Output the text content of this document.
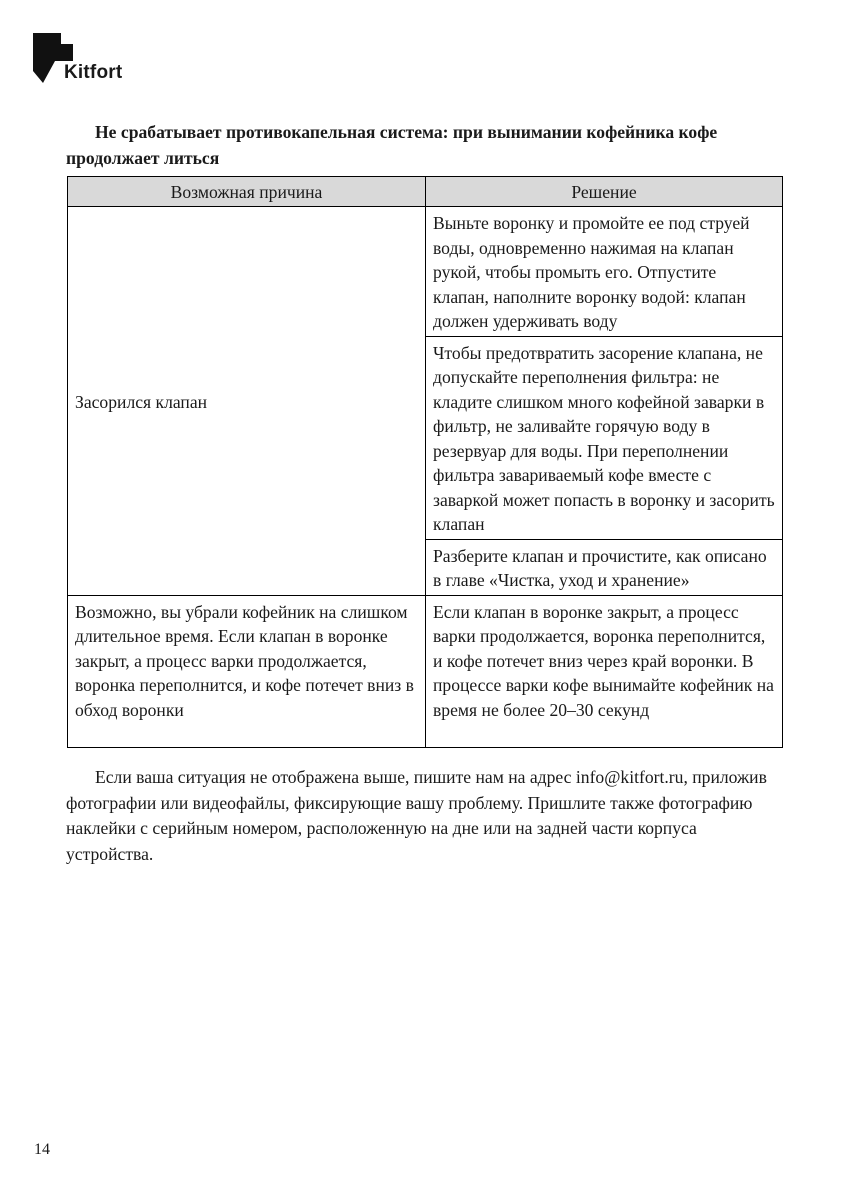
Kitfort
Не срабатывает противокапельная система: при вынимании кофейника кофе продолжает литься
Возможная причина	Решение
Засорился клапан	Выньте воронку и промойте ее под струей воды, одновременно нажимая на клапан рукой, чтобы промыть его. Отпустите клапан, наполните воронку водой: клапан должен удерживать воду
	Чтобы предотвратить засорение клапана, не допускайте переполнения фильтра: не кладите слишком много кофейной заварки в фильтр, не заливайте горячую воду в резервуар для воды. При переполнении фильтра завариваемый кофе вместе с заваркой может попасть в воронку и засорить клапан
	Разберите клапан и прочистите, как описано в главе «Чистка, уход и хранение»
Возможно, вы убрали кофейник на слишком длительное время. Если клапан в воронке закрыт, а процесс варки продолжается, воронка переполнится, и кофе потечет вниз в обход воронки	Если клапан в воронке закрыт, а процесс варки продолжается, воронка переполнится, и кофе потечет вниз через край воронки. В процессе варки кофе вынимайте кофейник на время не более 20–30 секунд
Если ваша ситуация не отображена выше, пишите нам на адрес info@kitfort.ru, приложив фотографии или видеофайлы, фиксирующие вашу проблему. Пришлите также фотографию наклейки с серийным номером, расположенную на дне или на задней части корпуса устройства.
14
